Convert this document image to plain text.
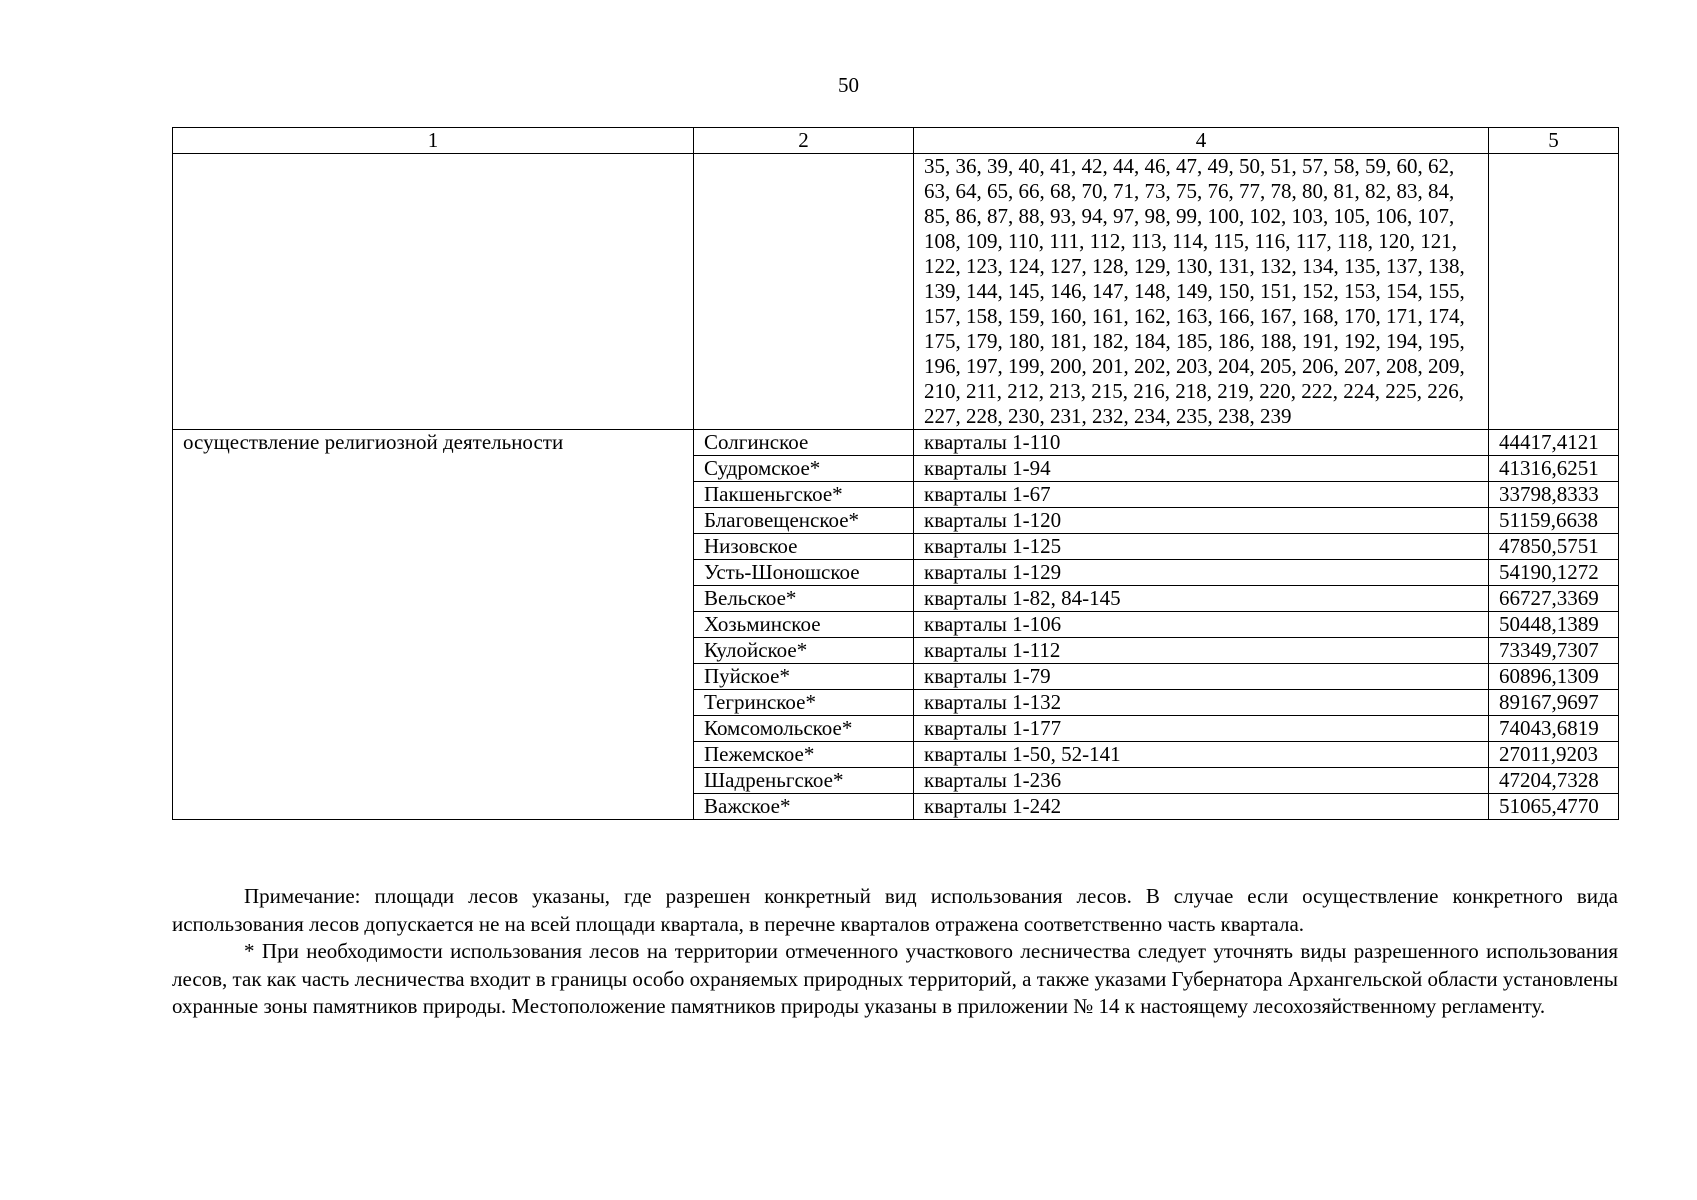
50
1	2	4	5
		35, 36, 39, 40, 41, 42, 44, 46, 47, 49, 50, 51, 57, 58, 59, 60, 62, 63, 64, 65, 66, 68, 70, 71, 73, 75, 76, 77, 78, 80, 81, 82, 83, 84, 85, 86, 87, 88, 93, 94, 97, 98, 99, 100, 102, 103, 105, 106, 107, 108, 109, 110, 111, 112, 113, 114, 115, 116, 117, 118, 120, 121, 122, 123, 124, 127, 128, 129, 130, 131, 132, 134, 135, 137, 138, 139, 144, 145, 146, 147, 148, 149, 150, 151, 152, 153, 154, 155, 157, 158, 159, 160, 161, 162, 163, 166, 167, 168, 170, 171, 174, 175, 179, 180, 181, 182, 184, 185, 186, 188, 191, 192, 194, 195, 196, 197, 199, 200, 201, 202, 203, 204, 205, 206, 207, 208, 209, 210, 211, 212, 213, 215, 216, 218, 219, 220, 222, 224, 225, 226, 227, 228, 230, 231, 232, 234, 235, 238, 239	
осуществление религиозной деятельности	Солгинское	кварталы 1-110	44417,4121
	Судромское*	кварталы 1-94	41316,6251
	Пакшеньгское*	кварталы 1-67	33798,8333
	Благовещенское*	кварталы 1-120	51159,6638
	Низовское	кварталы 1-125	47850,5751
	Усть-Шоношское	кварталы 1-129	54190,1272
	Вельское*	кварталы 1-82, 84-145	66727,3369
	Хозьминское	кварталы 1-106	50448,1389
	Кулойское*	кварталы 1-112	73349,7307
	Пуйское*	кварталы 1-79	60896,1309
	Тегринское*	кварталы 1-132	89167,9697
	Комсомольское*	кварталы 1-177	74043,6819
	Пежемское*	кварталы 1-50, 52-141	27011,9203
	Шадреньгское*	кварталы 1-236	47204,7328
	Важское*	кварталы 1-242	51065,4770

Примечание: площади лесов указаны, где разрешен конкретный вид использования лесов. В случае если осуществление конкретного вида использования лесов допускается не на всей площади квартала, в перечне кварталов отражена соответственно часть квартала.

* При необходимости использования лесов на территории отмеченного участкового лесничества следует уточнять виды разрешенного использования лесов, так как часть лесничества входит в границы особо охраняемых природных территорий, а также указами Губернатора Архангельской области установлены охранные зоны памятников природы. Местоположение памятников природы указаны в приложении № 14 к настоящему лесохозяйственному регламенту.
